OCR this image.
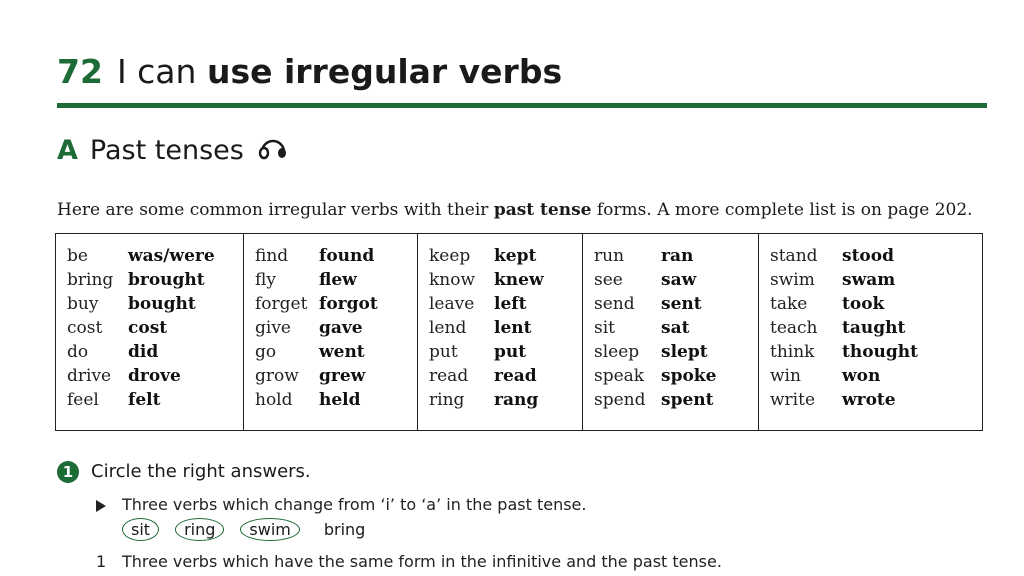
72 I can use irregular verbs
A Past tenses
Here are some common irregular verbs with their past tense forms. A more complete list is on page 202.
be	was/were
bring brought
buy	bought
cost	cost
do	did
drive drove
feel	felt
find	found
fly	flew
forget forgot
give	gave
go	went
grow	grew
hold	held
keep	kept
know	knew
leave	left
lend	lent
put	put
read	read
ring	rang
run	ran
see	saw
send	sent
sit	sat
sleep	slept
speak spoke
spend spent
stand	stood
swim	swam
take	took
teach	taught
think	thought
win	won
write	wrote
1 Circle the right answers.
Three verbs which change from ‘i’ to ‘a’ in the past tense.
sit	ring	swim	bring
1 Three verbs which have the same form in the infinitive and the past tense.
